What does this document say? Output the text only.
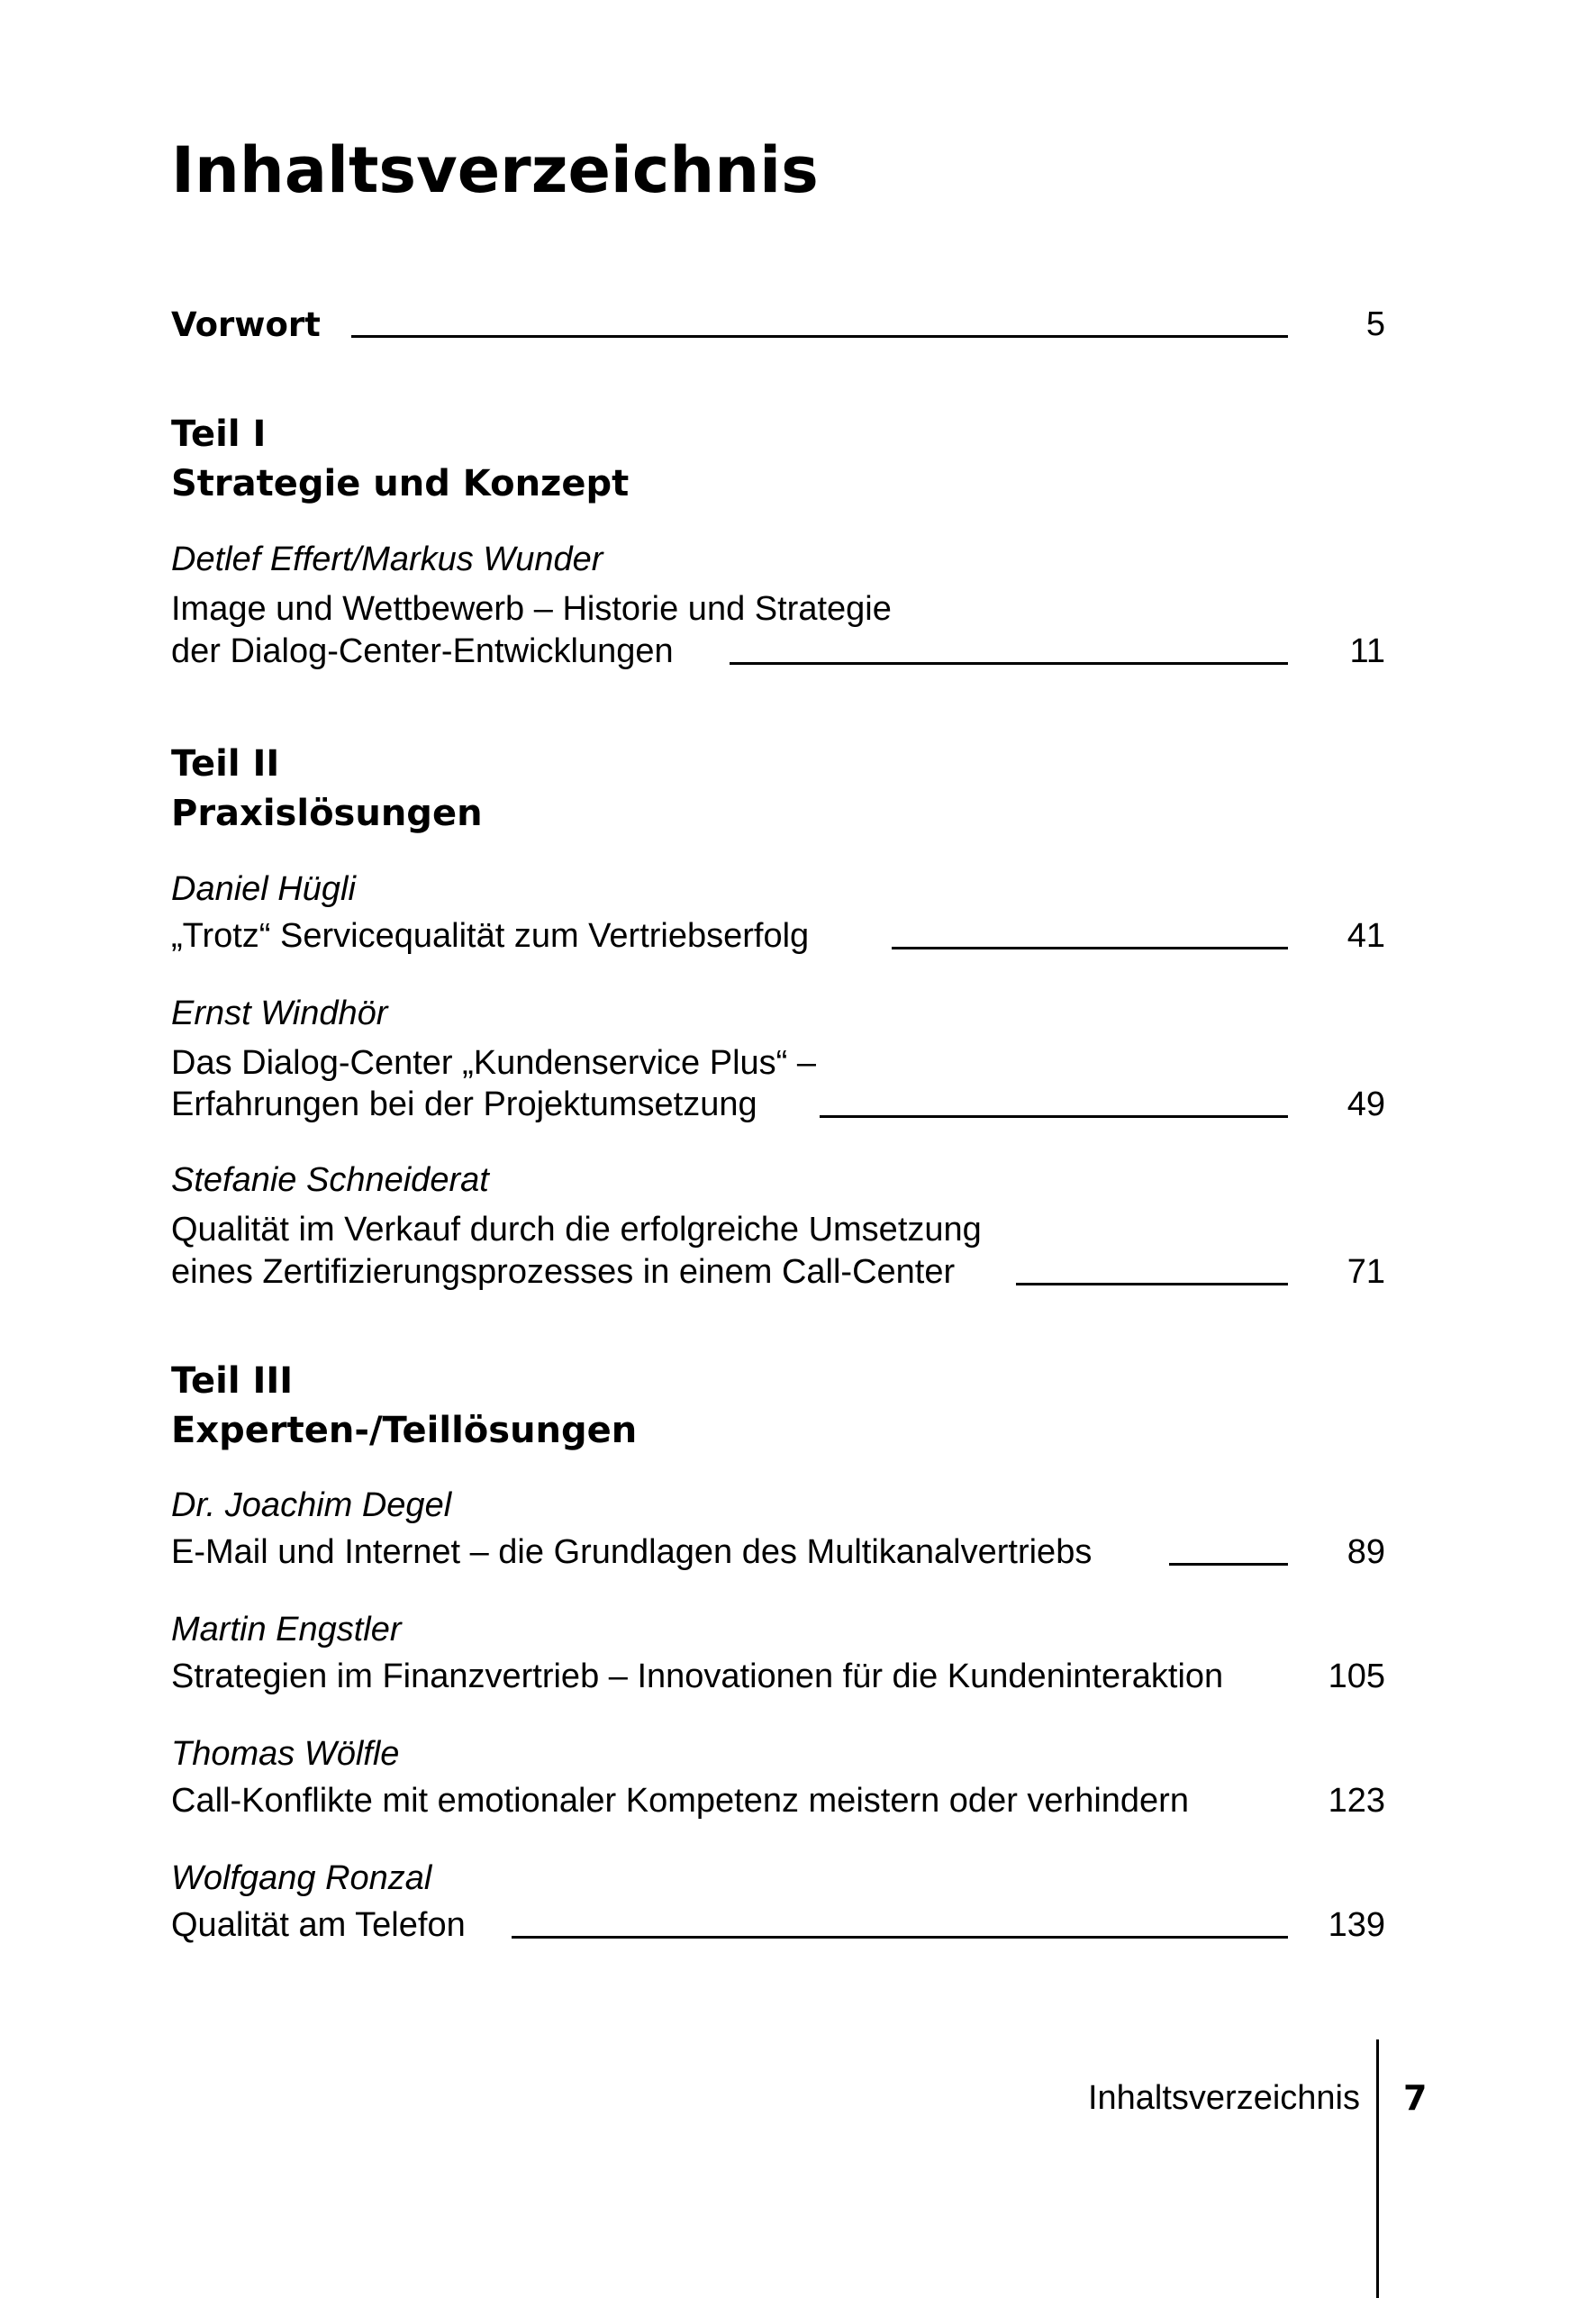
Inhaltsverzeichnis
Vorwort	5
Teil I
Strategie und Konzept
Detlef Effert/Markus Wunder
Image und Wettbewerb – Historie und Strategie
der Dialog-Center-Entwicklungen	11
Teil II
Praxislösungen
Daniel Hügli
„Trotz“ Servicequalität zum Vertriebserfolg	41
Ernst Windhör
Das Dialog-Center „Kundenservice Plus“ –
Erfahrungen bei der Projektumsetzung	49
Stefanie Schneiderat
Qualität im Verkauf durch die erfolgreiche Umsetzung
eines Zertifizierungsprozesses in einem Call-Center	71
Teil III
Experten-/Teillösungen
Dr. Joachim Degel
E-Mail und Internet – die Grundlagen des Multikanalvertriebs	89
Martin Engstler
Strategien im Finanzvertrieb – Innovationen für die Kundeninteraktion	105
Thomas Wölfle
Call-Konflikte mit emotionaler Kompetenz meistern oder verhindern	123
Wolfgang Ronzal
Qualität am Telefon	139
Inhaltsverzeichnis 7
